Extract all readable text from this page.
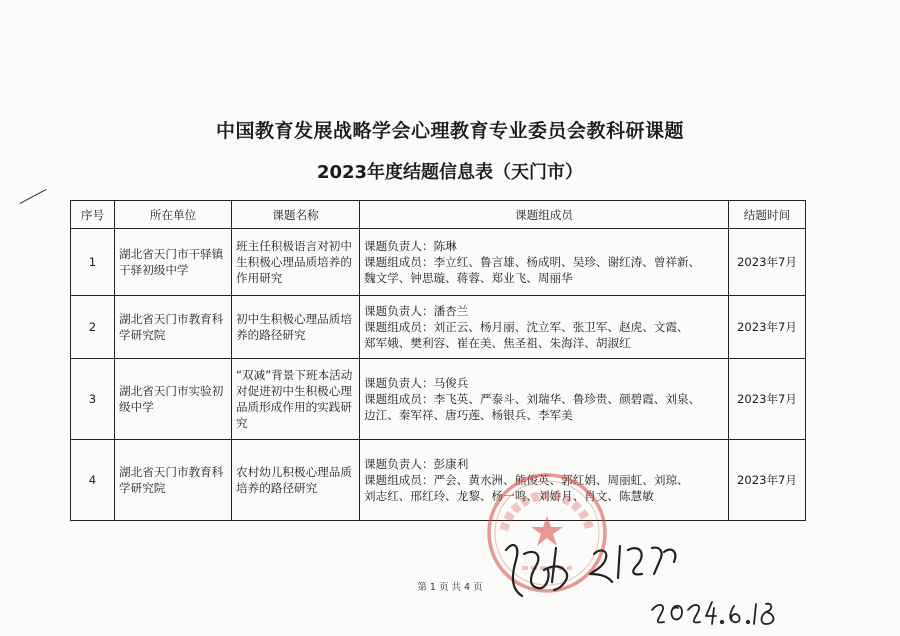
中国教育发展战略学会心理教育专业委员会教科研课题
2023年度结题信息表（天门市）
序号	所在单位	课题名称	课题组成员	结题时间
1	湖北省天门市干驿镇干驿初级中学	班主任积极语言对初中生积极心理品质培养的作用研究	课题负责人：陈琳
课题组成员：李立红、鲁言雄、杨成明、吴珍、谢红涛、曾祥新、
魏文学、钟思璇、蒋蓉、郑业飞、周丽华	2023年7月
2	湖北省天门市教育科学研究院	初中生积极心理品质培养的路径研究	课题负责人：潘杏兰
课题组成员：刘正云、杨月丽、沈立军、张卫军、赵虎、文霞、
郑军娥、樊利容、崔在美、焦圣祖、朱海洋、胡淑红	2023年7月
3	湖北省天门市实验初级中学	“双减”背景下班本活动对促进初中生积极心理品质形成作用的实践研究	课题负责人：马俊兵
课题组成员：李飞英、严泰斗、刘瑞华、鲁珍贵、颜碧霞、刘泉、
边江、秦军祥、唐巧莲、杨银兵、李军美	2023年7月
4	湖北省天门市教育科学研究院	农村幼儿积极心理品质培养的路径研究	课题负责人：彭康利
课题组成员：严会、黄水洲、熊俊英、郭红娟、周丽虹、刘琼、
刘志红、邢红玲、龙黎、杨一鸣、刘娇月、肖文、陈慧敏	2023年7月
第 1 页 共 4 页
